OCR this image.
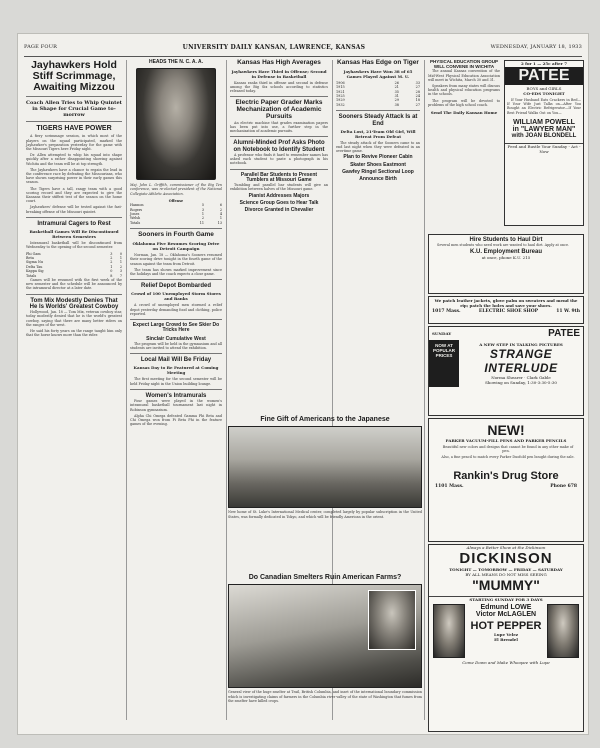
PAGE FOUR	UNIVERSITY DAILY KANSAN, LAWRENCE, KANSAS	WEDNESDAY, JANUARY 18, 1933
Jayhawkers Hold Stiff Scrimmage, Awaiting Mizzou
Coach Allen Tries to Whip Quintet in Shape for Crucial Game to-morrow
TIGERS HAVE POWER

A fiery scrimmage session, in which most of the players on the squad participated, marked the Jayhawker's preparation yesterday for the game with the Missouri Tigers here Friday night.

Dr. Allen attempted to whip his squad into shape quickly after a rather disappointing showing against Wichita and the team will be at top strength.

The Jayhawkers have a chance to regain the lead in the conference race by defeating the Missourians, who have shown surprising power in their early games this season.

The Tigers have a tall, rangy team with a good scoring record and they are expected to give the Kansans their stiffest test of the season on the home court.

Jayhawkers' defense will be tested against the fast-breaking offense of the Missouri quintet.

Intramural Cagers to Rest
Basketball Games Will Be Discontinued Between Semesters

Intramural basketball will be discontinued from Wednesday to the opening of the second semester.

Phi Gam	3	0
Beta	2	1
Sigma Nu	2	1
Delta Tau	1	2
Kappa Sig	0	3
Totals	8	7

Games will be resumed with the first week of the new semester and the schedule will be announced by the intramural director at a later date.

Tom Mix Modestly Denies That He Is Worlds' Greatest Cowboy

Hollywood, Jan. 18 — Tom Mix, veteran cowboy star, today modestly denied that he is the world's greatest cowboy, saying that there are many better riders on the ranges of the west.

He said his forty years on the range taught him only that the horse knows more than the rider.

HEADS THE N. C. A. A.
Maj. John L. Griffith, commissioner of the Big Ten conference, was re-elected president of the National Collegiate Athletic Association.
Offense		
Hannon	5	6
Rogers	3	2
Jones	1	4
Welsh	2	1
Totals	11	13
Sooners in Fourth Game
Oklahoma Five Resumes Scoring Drive on Detroit Campaign

Norman, Jan. 18 — Oklahoma's Sooners resumed their scoring drive tonight in the fourth game of the season against the team from Detroit.

The team has shown marked improvement since the holidays and the coach expects a close game.

Relief Depot Bombarded
Crowd of 100 Unemployed Storm Stores and Banks

A crowd of unemployed men stormed a relief depot yesterday demanding food and clothing, police reported.

Expect Large Crowd to See Skier Do Tricks Here
Sinclair Cumulative West

The program will be held in the gymnasium and all students are invited to attend the exhibition.

Local Mail Will Be Friday
Kansas Day to Be Featured at Coming Meeting

The first meeting for the second semester will be held Friday night in the Union building lounge.

Women's Intramurals

Four games were played in the women's intramural basketball tournament last night in Robinson gymnasium.

Alpha Chi Omega defeated Gamma Phi Beta and Chi Omega won from Pi Beta Phi in the feature games of the evening.

Kansas Has High Averages
Jayhawkers Have Third in Offense; Second in Defense in Basketball

Kansas ranks third in offense and second in defense among the Big Six schools according to statistics released today.

Electric Paper Grader Marks Mechanization of Academic Pursuits

An electric machine that grades examination papers has been put into use, a further step in the mechanization of academic pursuits.

Alumni-Minded Prof Asks Photo on Notebook to Identify Student

A professor who finds it hard to remember names has asked each student to paste a photograph in his notebook.

Parallel Bar Students to Present Tumblers at Missouri Game

Tumbling and parallel bar students will give an exhibition between halves of the Missouri game.

Pianist Addresses Majors
Science Group Goes to Hear Talk
Divorce Granted in Chevalier
Kansas Has Edge on Tiger
Jayhawkers Have Won 38 of 65 Games Played Against M. U.
1906	26	33
1915	21	27
1921	35	28
1925	31	24
1929	29	18
1932	38	27
Sooners Steady Attack Is at End
Delta Lost, 21-Team Old Girl, Will Retreat From Defeat

The steady attack of the Sooners came to an end last night when they were defeated in an overtime game.

Plan to Revive Pioneer Cabin
Skater Shoes Eastmont
Gawfey Ringel Sectional Loop
Announce Birth
Fine Gift of Americans to the Japanese
New home of St. Luke's International Medical center, completed largely by popular subscription in the United States, was formally dedicated in Tokyo, and which will be friendly American in the orient.
Do Canadian Smelters Ruin American Farms?
General view of the huge smelter at Trail, British Columbia, and inset of the international boundary commission which is investigating claims of farmers in the Columbia river valley of the state of Washington that fumes from the smelter have killed crops.
PHYSICAL EDUCATION GROUP WILL CONVENE IN WICHITA

The annual Kansas convention of the Mid-West Physical Education Association will meet in Wichita, March 30 and 31.

Speakers from many states will discuss health and physical education programs in the schools.

The program will be devoted to problems of the high school coach.

Send The Daily Kansan Home
2 for 1 — 25c after 7
PATEE
BOYS and GIRLS
CO-EDS TONIGHT

If Your Husband Eats Crackers in Bed—If Your Wife Just Talks on—After You Bought an Electric Refrigerator—If Your Best Friend Walks Out on You—

WILLIAM POWELL
in "LAWYER MAN"
with JOAN BLONDELL
Feed and Rustle Your Sunday - Act - Now
Hire Students to Haul Dirt

Several men students who need work are wanted to haul dirt. Apply at once.

K.U. Employment Bureau
at once, phone K.U. 215
We patch leather jackets, glove palm on sweaters and mend the rip; patch the holes and save your shoes.
1017 Mass.	ELECTRIC SHOE SHOP	11 W. 9th
SUNDAY	PATEE
NOW AT POPULAR PRICES
A NEW STEP IN TALKING PICTURES
STRANGE INTERLUDE
Norma Shearer · Clark Gable
Showing on Sunday, 1:30-3:30-5:30
NEW!
PARKER VACUUM-FILL PENS AND PARKER PENCILS

Beautiful new colors and designs that cannot be found in any other make of pen.

Also, a fine pencil to match every Parker Duofold pen bought during the sale.

Rankin's Drug Store
1101 Mass.	Phone 678
Always a Better Show at the Dickinson
DICKINSON
TONIGHT — TOMORROW — FRIDAY — SATURDAY
BY ALL MEANS DO NOT MISS SEEING
"MUMMY"
STARTING SUNDAY FOR 3 DAYS
Edmund LOWE
Victor McLAGLEN
HOT PEPPER
Lupe Velez
El Brendel
Come Down and Make Whoopee with Lupe
